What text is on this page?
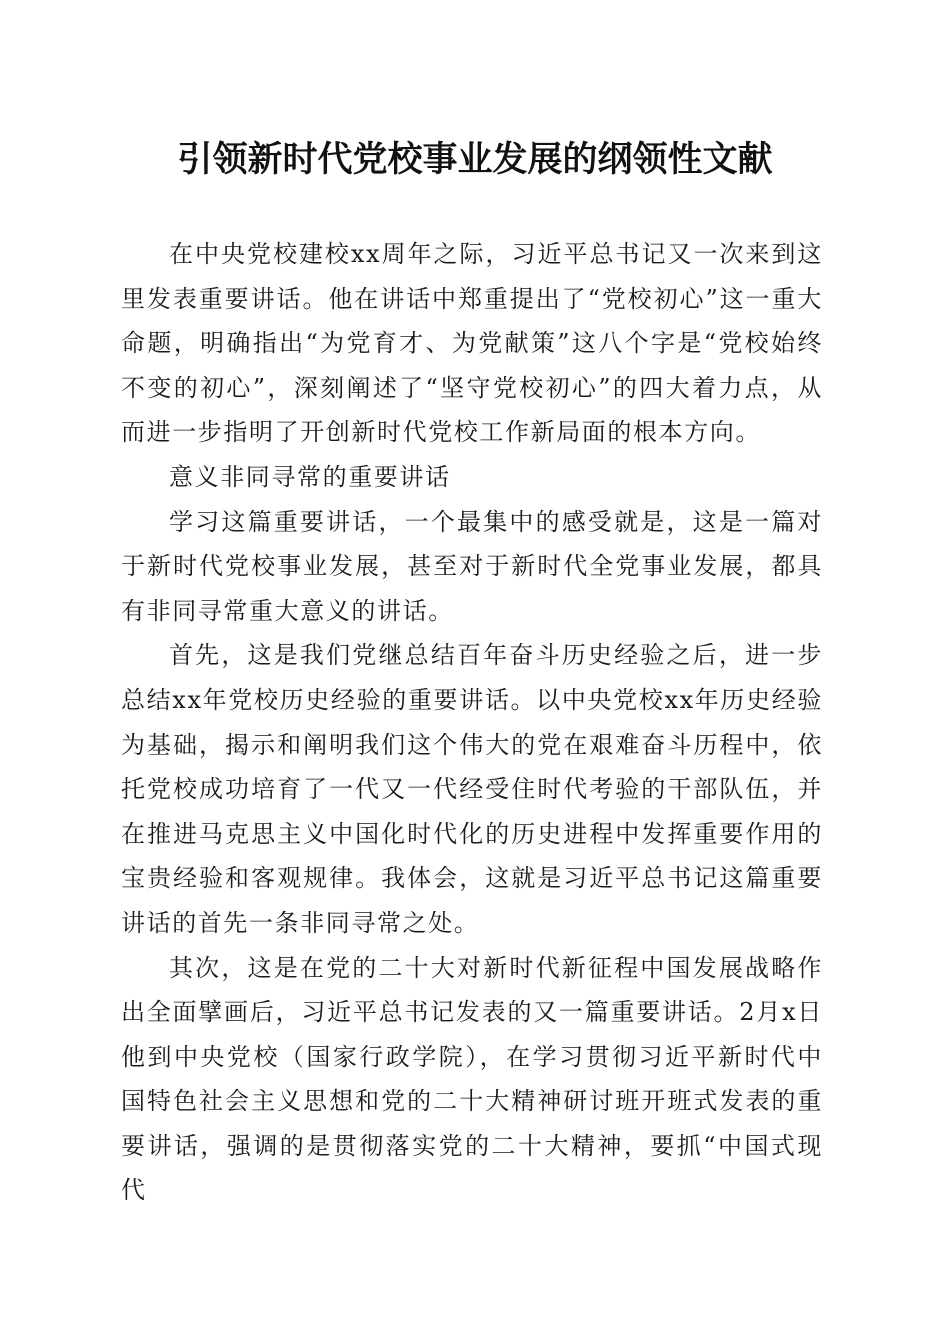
引领新时代党校事业发展的纲领性文献

在中央党校建校xx周年之际，习近平总书记又一次来到这里发表重要讲话。他在讲话中郑重提出了“党校初心”这一重大命题，明确指出“为党育才、为党献策”这八个字是“党校始终不变的初心”，深刻阐述了“坚守党校初心”的四大着力点，从而进一步指明了开创新时代党校工作新局面的根本方向。

意义非同寻常的重要讲话

学习这篇重要讲话，一个最集中的感受就是，这是一篇对于新时代党校事业发展，甚至对于新时代全党事业发展，都具有非同寻常重大意义的讲话。

首先，这是我们党继总结百年奋斗历史经验之后，进一步总结xx年党校历史经验的重要讲话。以中央党校xx年历史经验为基础，揭示和阐明我们这个伟大的党在艰难奋斗历程中，依托党校成功培育了一代又一代经受住时代考验的干部队伍，并在推进马克思主义中国化时代化的历史进程中发挥重要作用的宝贵经验和客观规律。我体会，这就是习近平总书记这篇重要讲话的首先一条非同寻常之处。

其次，这是在党的二十大对新时代新征程中国发展战略作出全面擘画后，习近平总书记发表的又一篇重要讲话。2月x日他到中央党校（国家行政学院），在学习贯彻习近平新时代中国特色社会主义思想和党的二十大精神研讨班开班式发表的重要讲话，强调的是贯彻落实党的二十大精神，要抓“中国式现代
